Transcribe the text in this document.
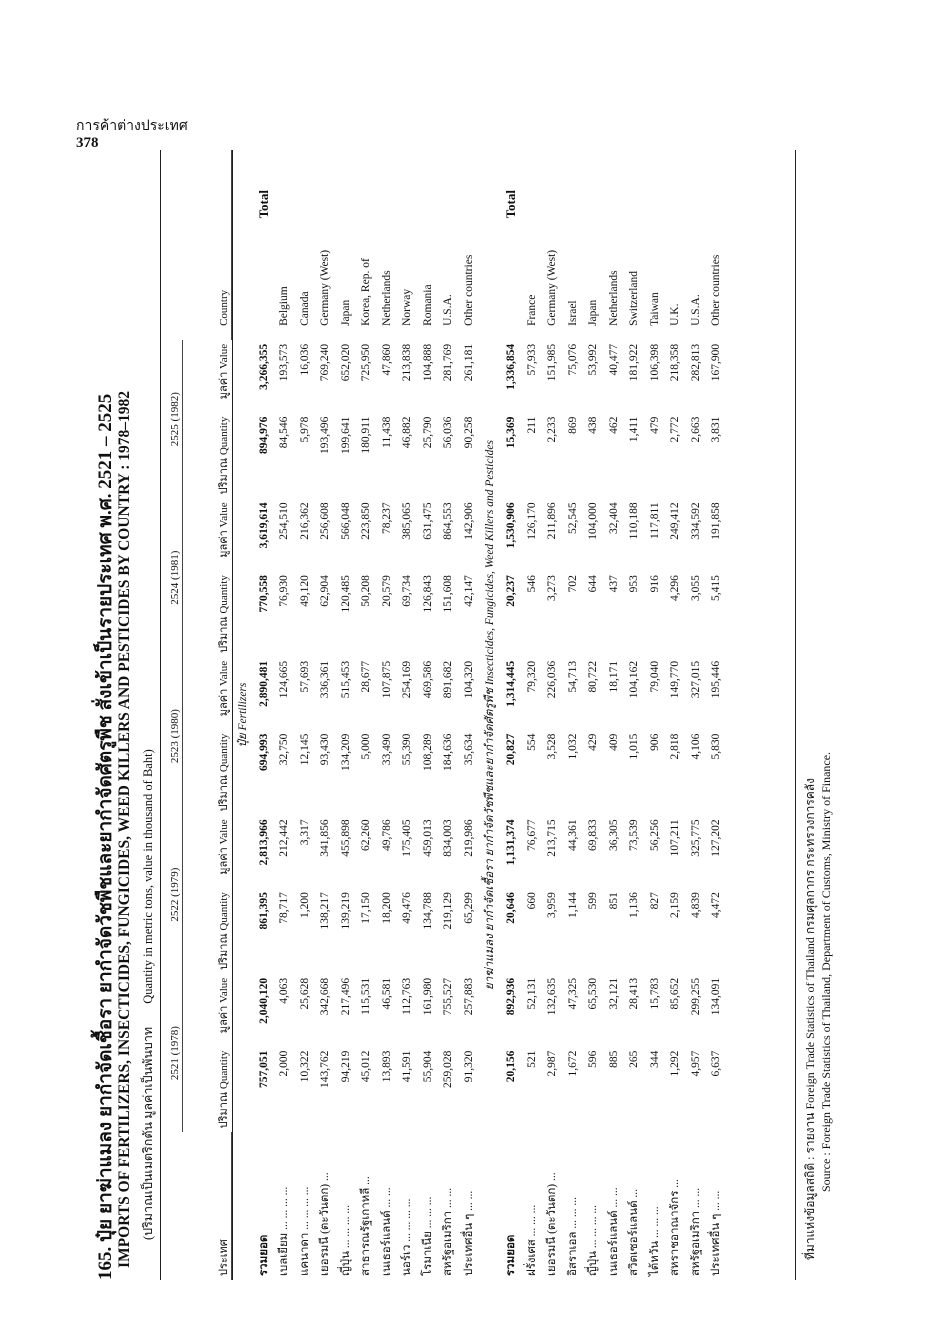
การค้าต่างประเทศ
378
165. ปุ๋ย ยาฆ่าแมลง ยากำจัดเชื้อรา ยากำจัดวัชพืชและยากำจัดศัตรูพืช สั่งเข้าเป็นรายประเทศ พ.ศ. 2521 – 2525 IMPORTS OF FERTILIZERS, INSECTICIDES, FUNGICIDES, WEED KILLERS AND PESTICIDES BY COUNTRY : 1978–1982 (ปริมาณเป็นเมตริกตัน มูลค่าเป็นพันบาท Quantity in metric tons, value in thousand of Baht)
ประเทศ	2521 (1978)		2522 (1979)		2523 (1980)		2524 (1981)		2525 (1982)		Country
	ปริมาณ Quantity	มูลค่า Value	ปริมาณ Quantity	มูลค่า Value	ปริมาณ Quantity	มูลค่า Value	ปริมาณ Quantity	มูลค่า Value	ปริมาณ Quantity	มูลค่า Value	
ปุ๋ย Fertilizers											
รวมยอด	757,051	2,040,120	861,395	2,813,966	694,993	2,890,481	770,558	3,619,614	894,976	3,266,355	Total
เบลเยียม ... ... ... ...	2,000	4,063	78,717	212,442	32,750	124,665	76,930	254,510	84,546	193,573	Belgium
แคนาดา ... ... ... ...	10,322	25,628	1,200	3,317	12,145	57,693	49,120	216,362	5,978	16,036	Canada
เยอรมนี (ตะวันตก) ...	143,762	342,668	138,217	341,856	93,430	336,361	62,904	256,608	193,496	769,240	Germany (West)
ญี่ปุ่น ... ... ... ...	94,219	217,496	139,219	455,898	134,209	515,453	120,485	566,048	199,641	652,020	Japan
สาธารณรัฐเกาหลี ...	45,012	115,531	17,150	62,260	5,000	28,677	50,208	223,850	180,911	725,950	Korea, Rep. of
เนเธอร์แลนด์ ... ...	13,893	46,581	18,200	49,786	33,490	107,875	20,579	78,237	11,438	47,860	Netherlands
นอร์เว ... ... ... ...	41,591	112,763	49,476	175,405	55,390	254,169	69,734	385,065	46,882	213,838	Norway
โรมาเนีย ... ... ...	55,904	161,980	134,788	459,013	108,289	469,586	126,843	631,475	25,790	104,888	Romania
สหรัฐอเมริกา ... ...	259,028	755,527	219,129	834,003	184,636	891,682	151,608	864,553	56,036	281,769	U.S.A.
ประเทศอื่น ๆ ... ...	91,320	257,883	65,299	219,986	35,634	104,320	42,147	142,906	90,258	261,181	Other countries
ยาฆ่าแมลง ยากำจัดเชื้อรา ยากำจัดวัชพืชและยากำจัดศัตรูพืช Insecticides, Fungicides, Weed Killers and Pesticides											
รวมยอด	20,156	892,936	20,646	1,131,374	20,827	1,314,445	20,237	1,530,906	15,369	1,336,854	Total
ฝรั่งเศส ... ... ...	521	52,131	660	76,677	554	79,320	546	126,170	211	57,933	France
เยอรมนี (ตะวันตก) ...	2,987	132,635	3,959	213,715	3,528	226,036	3,273	211,896	2,233	151,985	Germany (West)
อิสราเอล ... ... ...	1,672	47,325	1,144	44,361	1,032	54,713	702	52,545	869	75,076	Israel
ญี่ปุ่น ... ... ... ...	596	65,530	599	69,833	429	80,722	644	104,000	438	53,992	Japan
เนเธอร์แลนด์ ... ...	885	32,121	851	36,305	409	18,171	437	32,404	462	40,477	Netherlands
สวิตเซอร์แลนด์ ...	265	28,413	1,136	73,539	1,015	104,162	953	110,188	1,411	181,922	Switzerland
ไต้หวัน ... ... ...	344	15,783	827	56,256	906	79,040	916	117,811	479	106,398	Taiwan
สหราชอาณาจักร ...	1,292	85,652	2,159	107,211	2,818	149,770	4,296	249,412	2,772	218,358	U.K.
สหรัฐอเมริกา ... ...	4,957	299,255	4,839	325,775	4,106	327,015	3,055	334,592	2,663	282,813	U.S.A.
ประเทศอื่น ๆ ... ...	6,637	134,091	4,472	127,202	5,830	195,446	5,415	191,858	3,831	167,900	Other countries
ที่มาแห่งข้อมูลสถิติ : รายงาน Foreign Trade Statistics of Thailand กรมศุลกากร กระทรวงการคลัง Source : Foreign Trade Statistics of Thailand, Department of Customs, Ministry of Finance.
